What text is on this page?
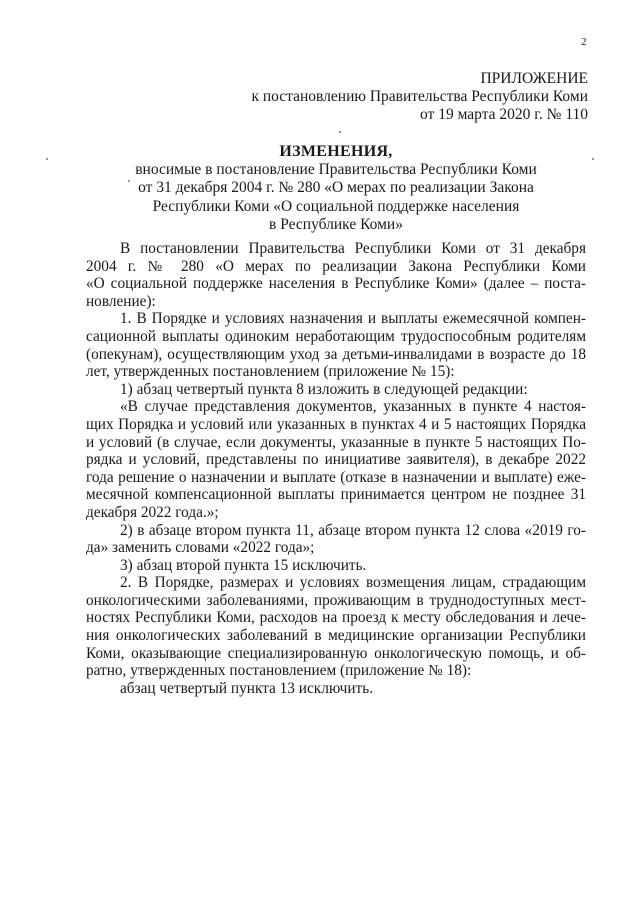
2
ПРИЛОЖЕНИЕ
к постановлению Правительства Республики Коми
от 19 марта 2020 г. № 110
ИЗМЕНЕНИЯ,
вносимые в постановление Правительства Республики Коми
от 31 декабря 2004 г. № 280 «О мерах по реализации Закона
Республики Коми «О социальной поддержке населения
в Республике Коми»
В постановлении Правительства Республики Коми от 31 декабря
2004 г. № 280 «О мерах по реализации Закона Республики Коми
«О социальной поддержке населения в Республике Коми» (далее – поста-
новление):
1. В Порядке и условиях назначения и выплаты ежемесячной компен-
сационной выплаты одиноким неработающим трудоспособным родителям
(опекунам), осуществляющим уход за детьми-инвалидами в возрасте до 18
лет, утвержденных постановлением (приложение № 15):
1) абзац четвертый пункта 8 изложить в следующей редакции:
«В случае представления документов, указанных в пункте 4 настоя-
щих Порядка и условий или указанных в пунктах 4 и 5 настоящих Порядка
и условий (в случае, если документы, указанные в пункте 5 настоящих По-
рядка и условий, представлены по инициативе заявителя), в декабре 2022
года решение о назначении и выплате (отказе в назначении и выплате) еже-
месячной компенсационной выплаты принимается центром не позднее 31
декабря 2022 года.»;
2) в абзаце втором пункта 11, абзаце втором пункта 12 слова «2019 го-
да» заменить словами «2022 года»;
3) абзац второй пункта 15 исключить.
2. В Порядке, размерах и условиях возмещения лицам, страдающим
онкологическими заболеваниями, проживающим в труднодоступных мест-
ностях Республики Коми, расходов на проезд к месту обследования и лече-
ния онкологических заболеваний в медицинские организации Республики
Коми, оказывающие специализированную онкологическую помощь, и об-
ратно, утвержденных постановлением (приложение № 18):
абзац четвертый пункта 13 исключить.
